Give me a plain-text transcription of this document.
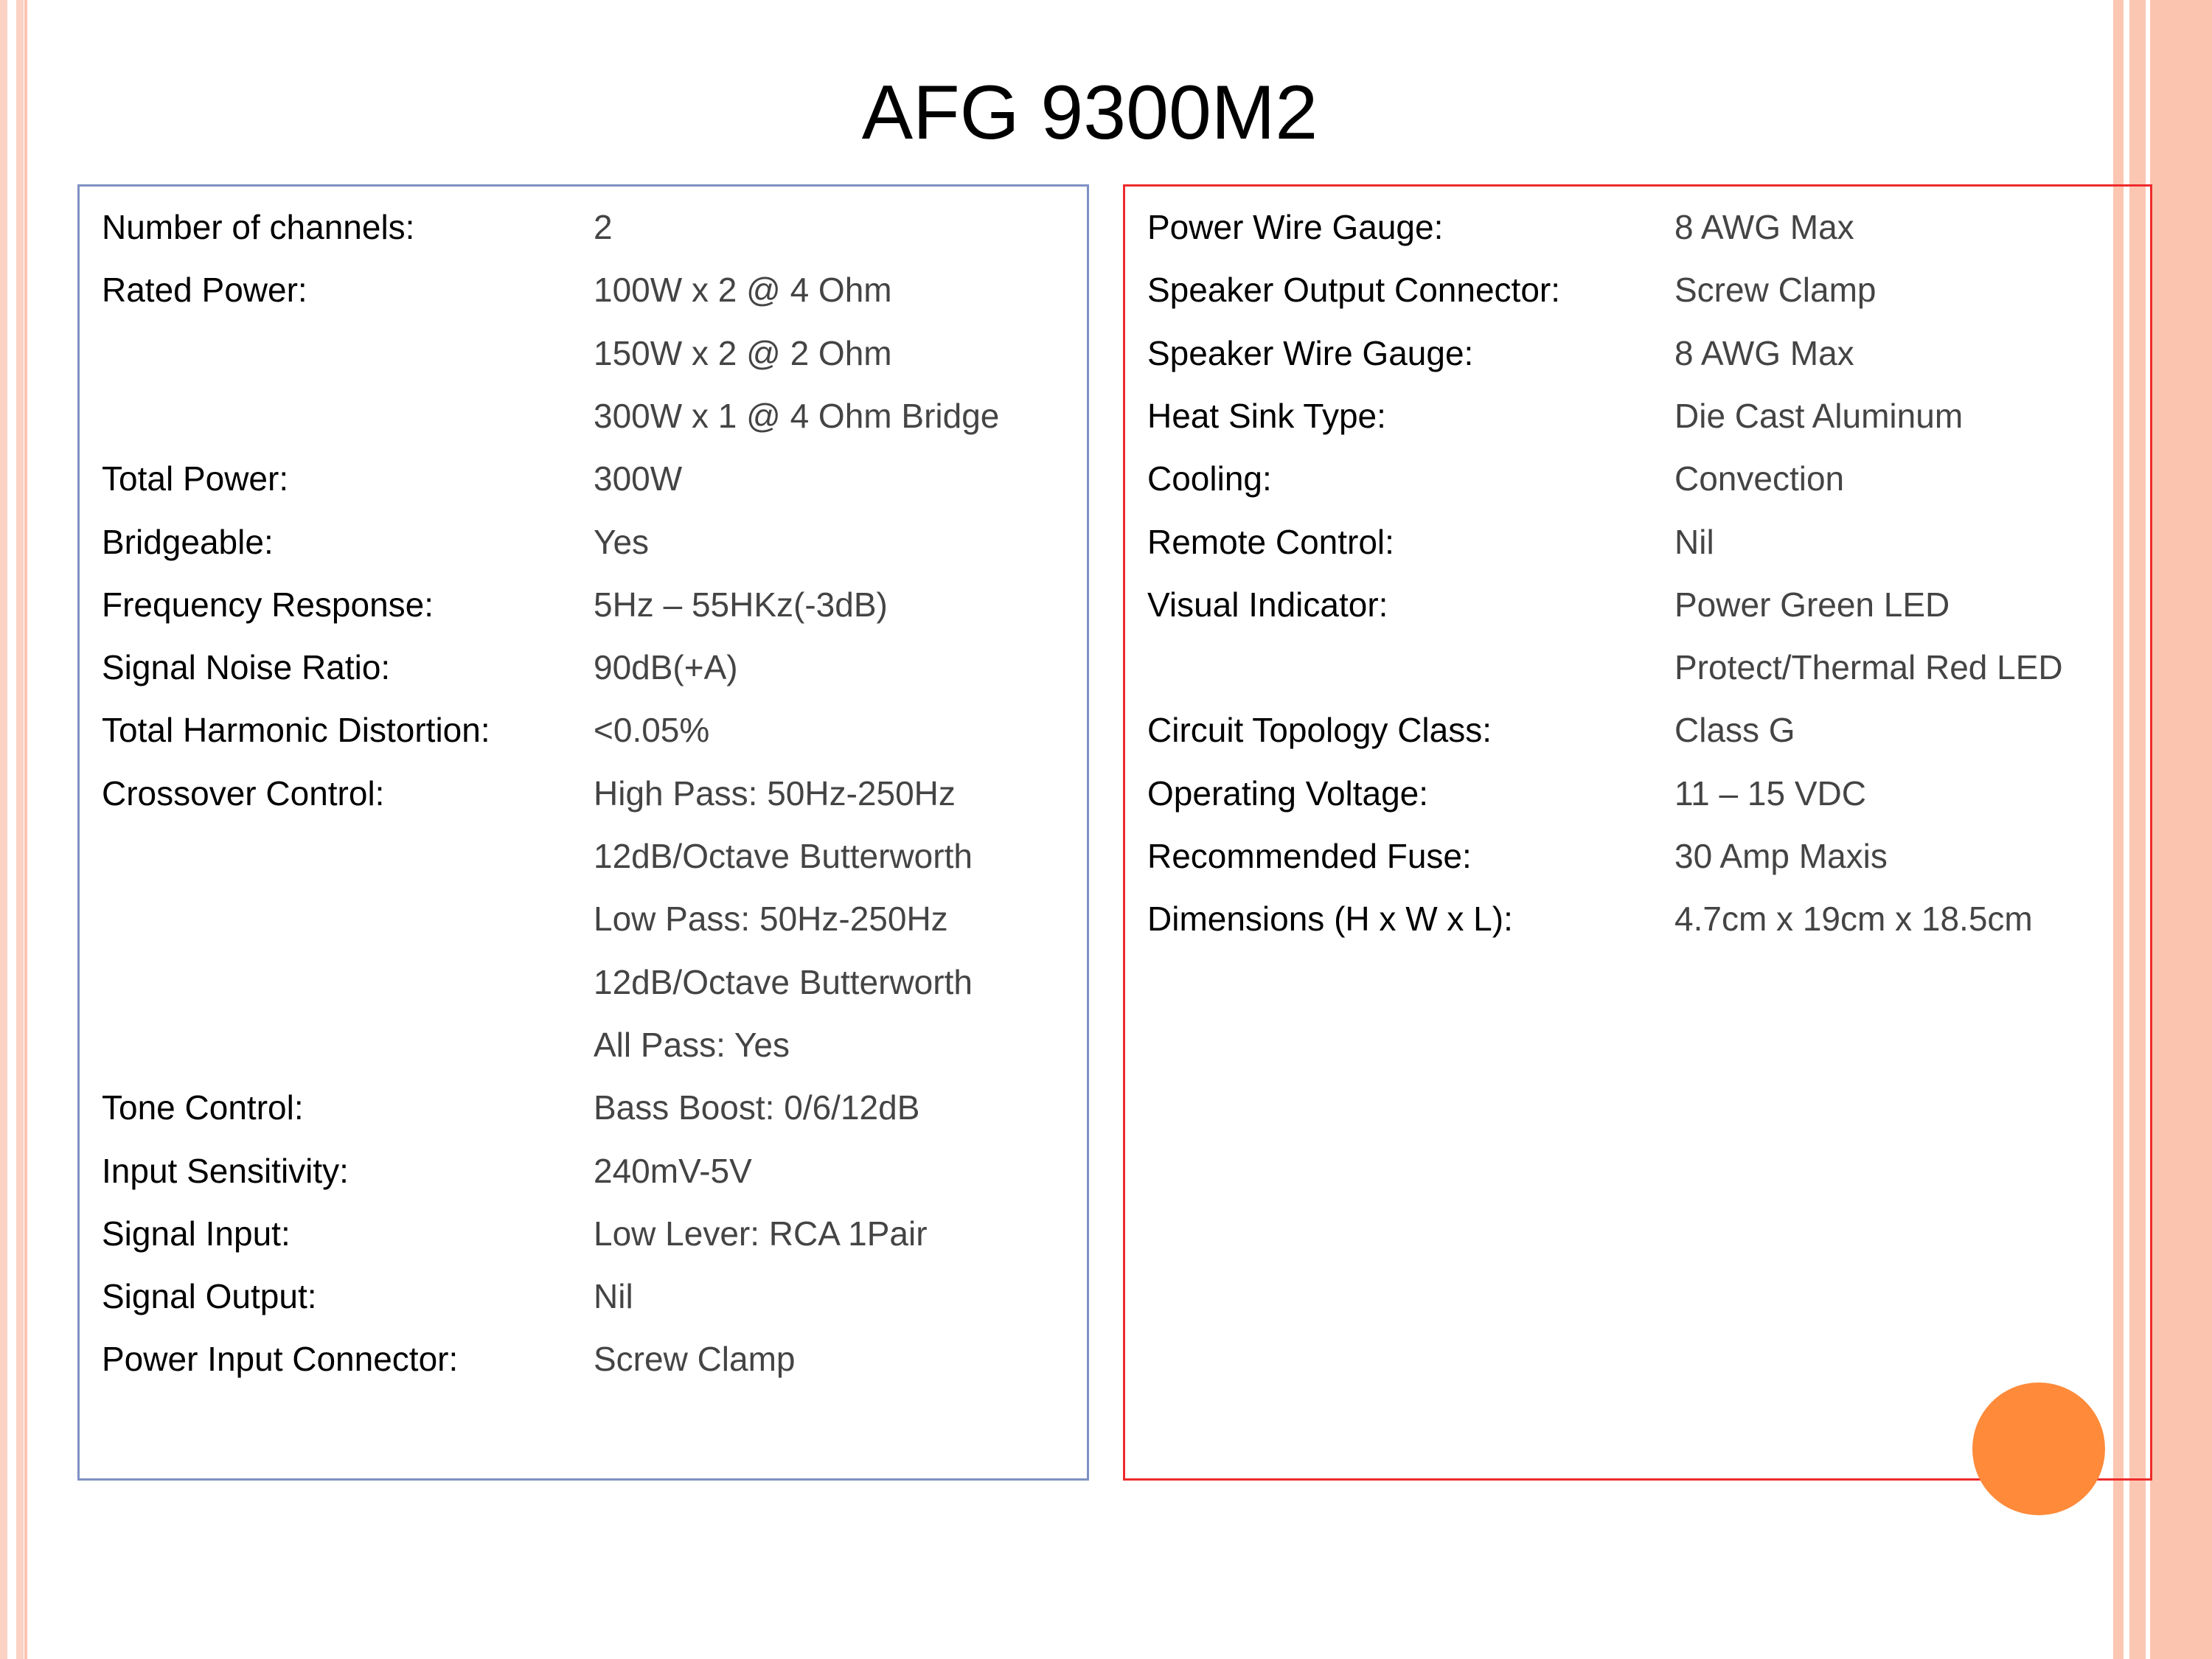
AFG 9300M2
Number of channels:	2
Rated Power:	100W x 2 @ 4 Ohm
150W x 2 @ 2 Ohm
300W x 1 @ 4 Ohm Bridge
Total Power:	300W
Bridgeable:	Yes
Frequency Response:	5Hz – 55HKz(-3dB)
Signal Noise Ratio:	90dB(+A)
Total Harmonic Distortion:	<0.05%
Crossover Control:	High Pass: 50Hz-250Hz
12dB/Octave Butterworth
Low Pass: 50Hz-250Hz
12dB/Octave Butterworth
All Pass: Yes
Tone Control:	Bass Boost: 0/6/12dB
Input Sensitivity:	240mV-5V
Signal Input:	Low Lever: RCA 1Pair
Signal Output:	Nil
Power Input Connector:	Screw Clamp
Power Wire Gauge:	8 AWG Max
Speaker Output Connector:	Screw Clamp
Speaker Wire Gauge:	8 AWG Max
Heat Sink Type:	Die Cast Aluminum
Cooling:	Convection
Remote Control:	Nil
Visual Indicator:	Power Green LED
Protect/Thermal Red LED
Circuit Topology Class:	Class G
Operating Voltage:	11 – 15 VDC
Recommended Fuse:	30 Amp Maxis
Dimensions (H x W x L):	4.7cm x 19cm x 18.5cm
